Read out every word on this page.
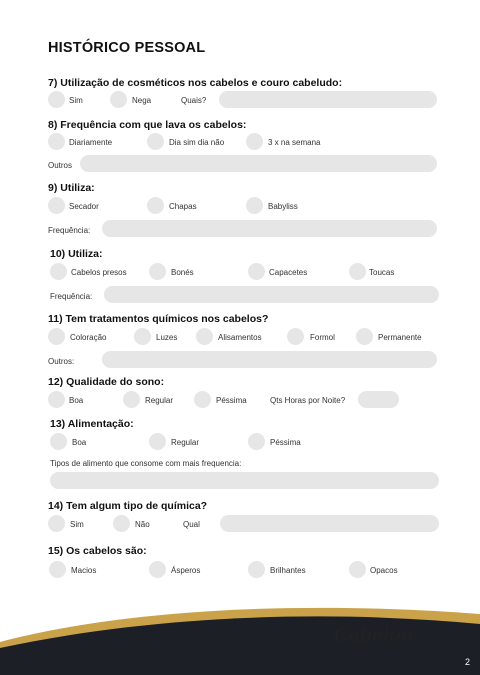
HISTÓRICO PESSOAL
7) Utilização de cosméticos nos cabelos e couro cabeludo:
Sim	Nega	Quais?
8) Frequência com que lava os cabelos:
Diariamente	Dia sim dia não	3 x na semana
Outros
9) Utiliza:
Secador	Chapas	Babyliss
Frequência:
10) Utiliza:
Cabelos presos	Bonés	Capacetes	Toucas
Frequência:
11) Tem tratamentos químicos nos cabelos?
Coloração	Luzes	Alisamentos	Formol	Permanente
Outros:
12) Qualidade do sono:
Boa	Regular	Péssima	Qts Horas por Noite?
13) Alimentação:
Boa	Regular	Péssima
Tipos de alimento que consome com mais frequencia:
14) Tem algum tipo de química?
Sim	Não	Qual
15) Os cabelos são:
Macios	Ásperos	Brilhantes	Opacos
Cabelon
2
